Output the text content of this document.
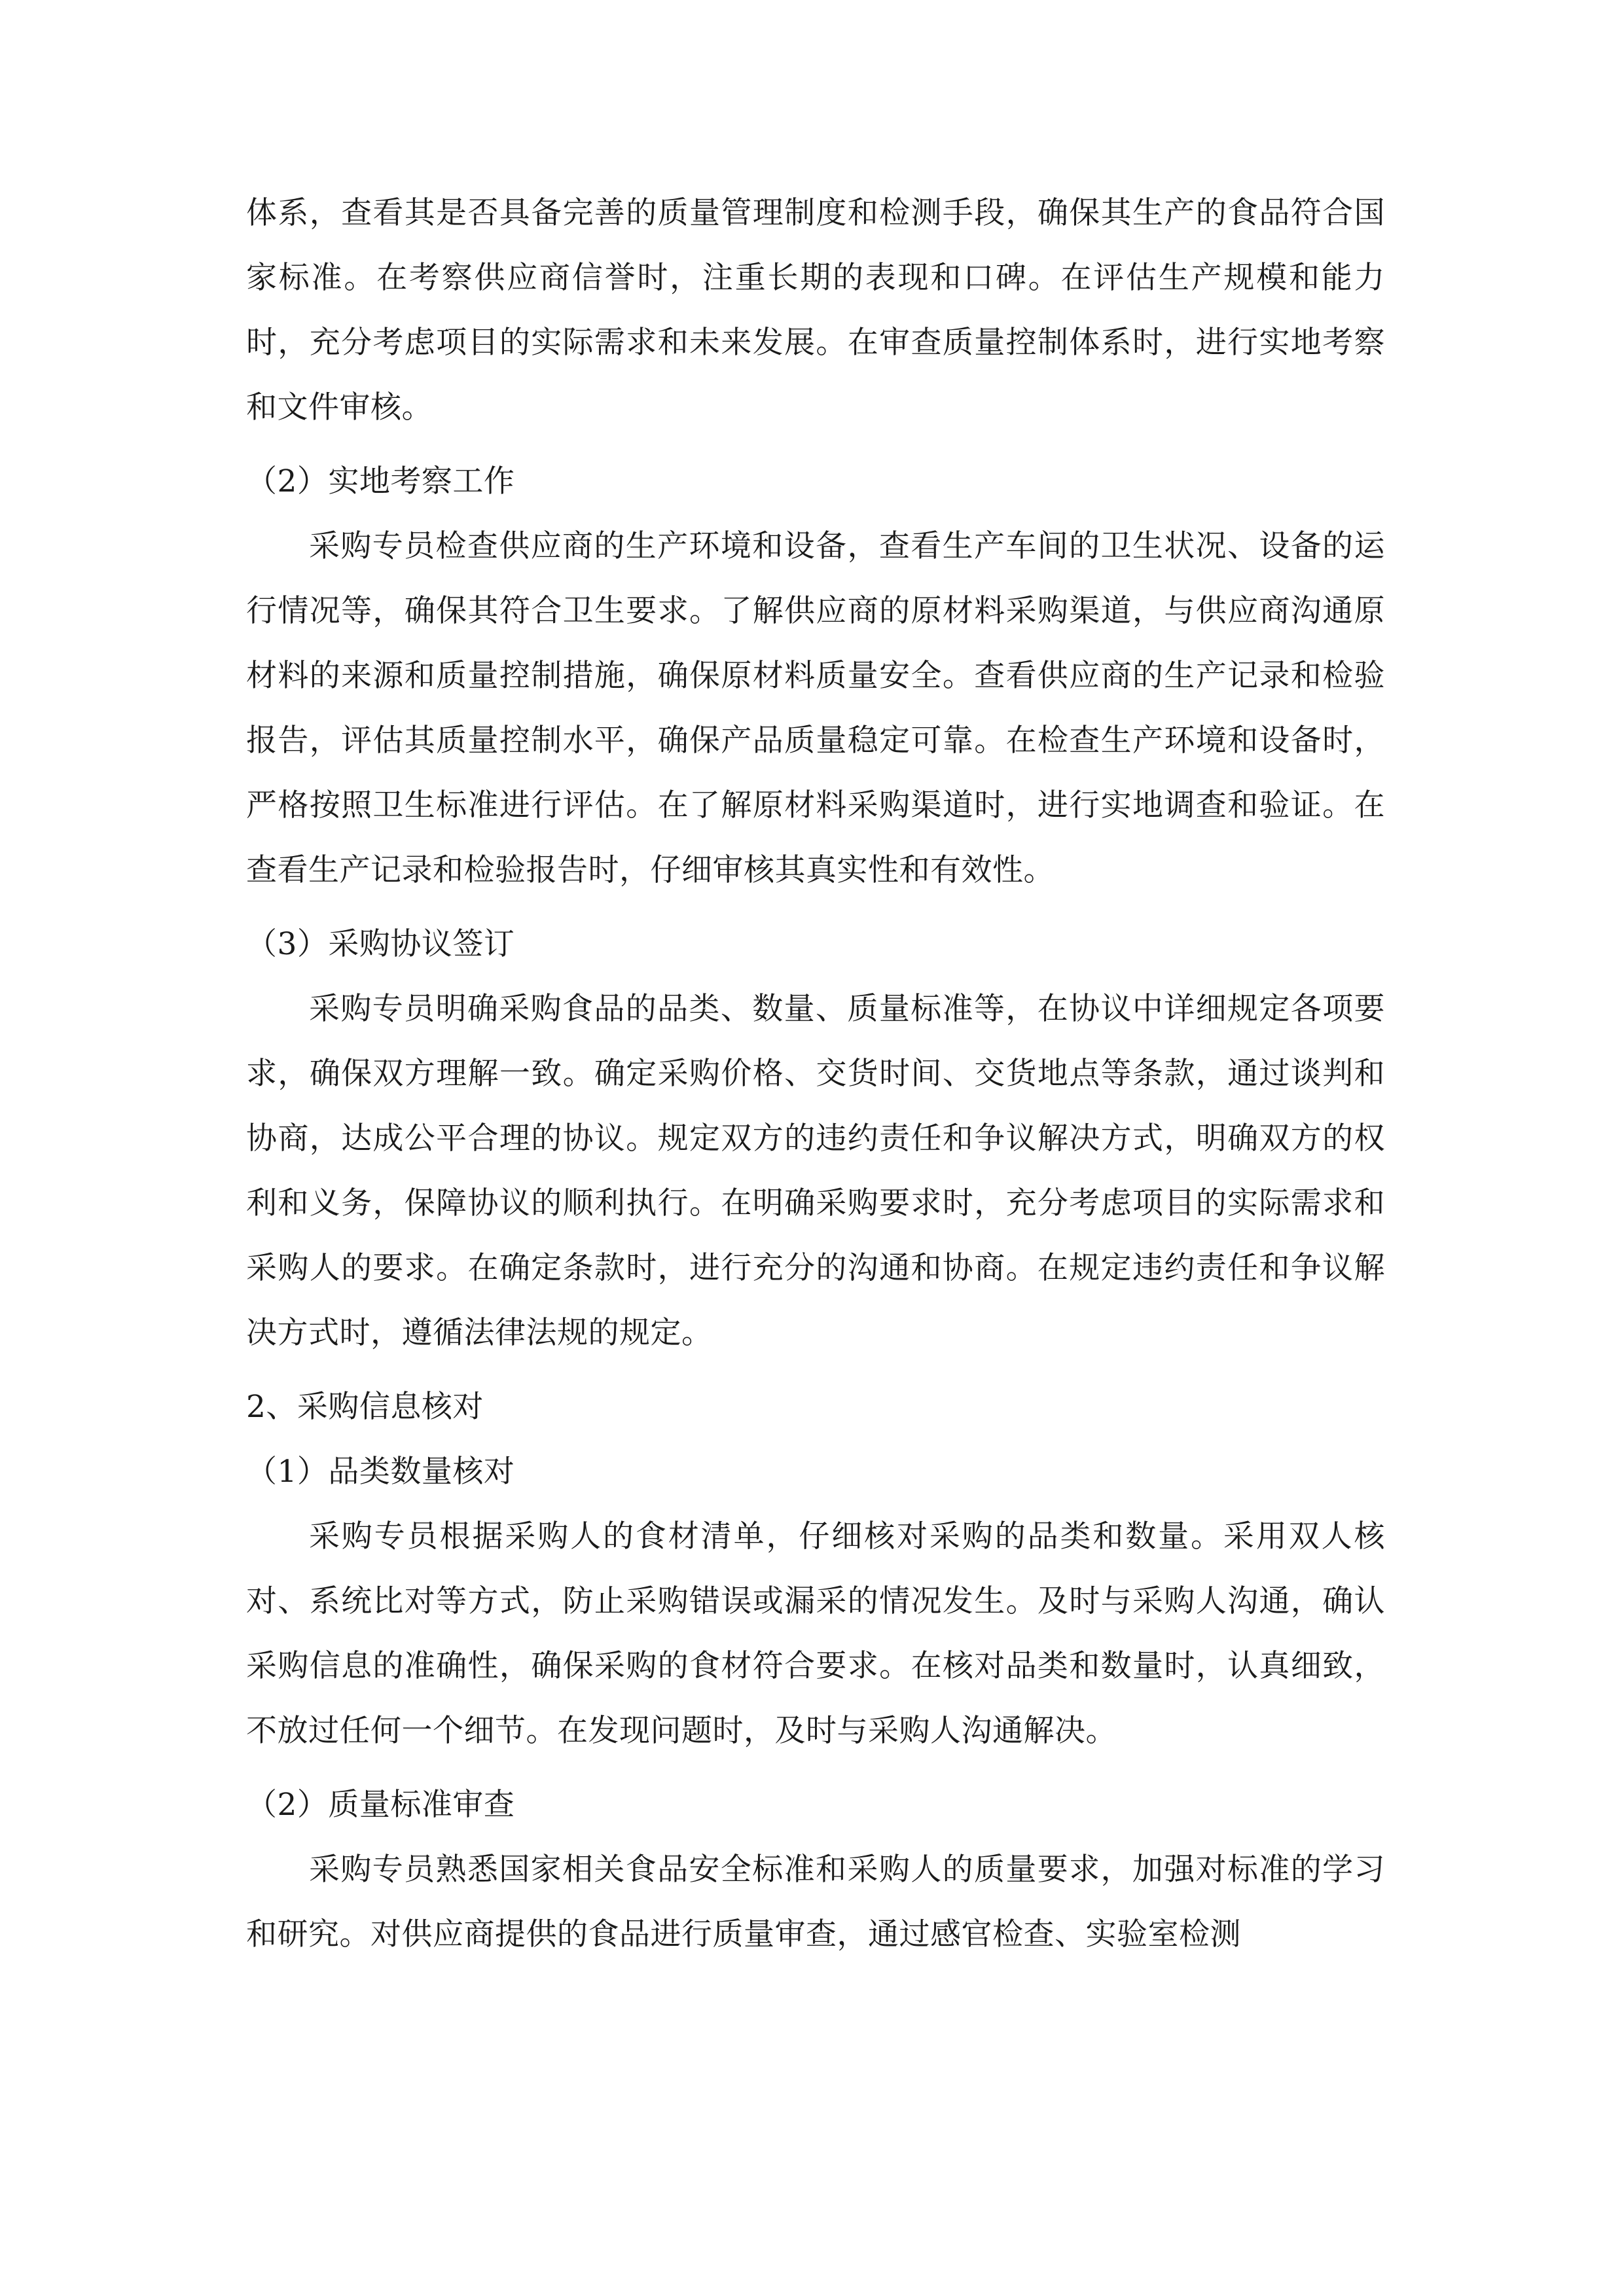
体系，查看其是否具备完善的质量管理制度和检测手段，确保其生产的食品符合国家标准。在考察供应商信誉时，注重长期的表现和口碑。在评估生产规模和能力时，充分考虑项目的实际需求和未来发展。在审查质量控制体系时，进行实地考察和文件审核。

（2）实地考察工作

采购专员检查供应商的生产环境和设备，查看生产车间的卫生状况、设备的运行情况等，确保其符合卫生要求。了解供应商的原材料采购渠道，与供应商沟通原材料的来源和质量控制措施，确保原材料质量安全。查看供应商的生产记录和检验报告，评估其质量控制水平，确保产品质量稳定可靠。在检查生产环境和设备时，严格按照卫生标准进行评估。在了解原材料采购渠道时，进行实地调查和验证。在查看生产记录和检验报告时，仔细审核其真实性和有效性。

（3）采购协议签订

采购专员明确采购食品的品类、数量、质量标准等，在协议中详细规定各项要求，确保双方理解一致。确定采购价格、交货时间、交货地点等条款，通过谈判和协商，达成公平合理的协议。规定双方的违约责任和争议解决方式，明确双方的权利和义务，保障协议的顺利执行。在明确采购要求时，充分考虑项目的实际需求和采购人的要求。在确定条款时，进行充分的沟通和协商。在规定违约责任和争议解决方式时，遵循法律法规的规定。

2、采购信息核对

（1）品类数量核对

采购专员根据采购人的食材清单，仔细核对采购的品类和数量。采用双人核对、系统比对等方式，防止采购错误或漏采的情况发生。及时与采购人沟通，确认采购信息的准确性，确保采购的食材符合要求。在核对品类和数量时，认真细致，不放过任何一个细节。在发现问题时，及时与采购人沟通解决。

（2）质量标准审查

采购专员熟悉国家相关食品安全标准和采购人的质量要求，加强对标准的学习和研究。对供应商提供的食品进行质量审查，通过感官检查、实验室检测
